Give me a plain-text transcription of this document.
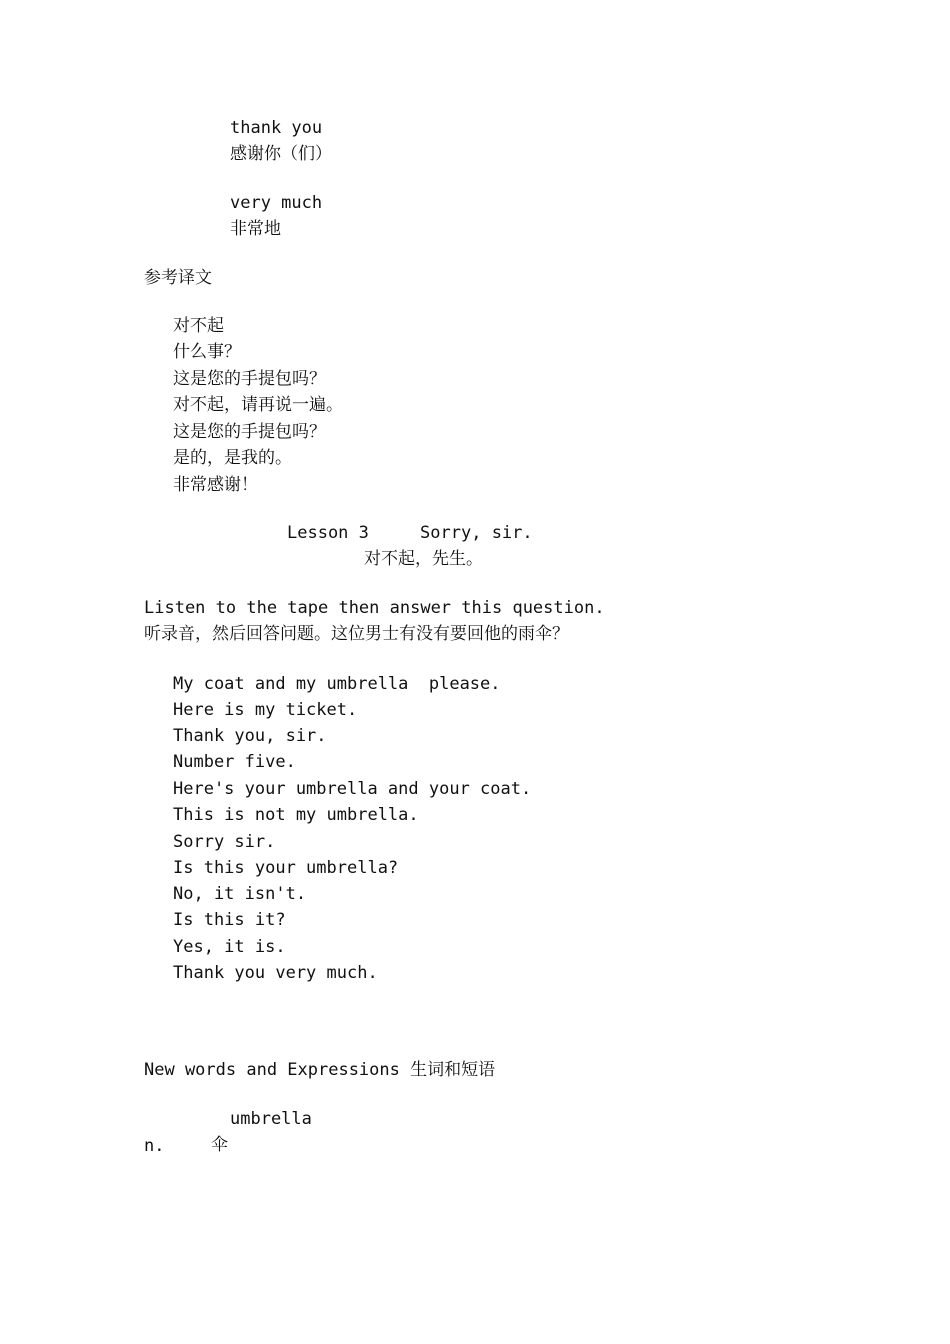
thank you
感谢你（们）
very much
非常地
参考译文
对不起
什么事？
这是您的手提包吗？
对不起，请再说一遍。
这是您的手提包吗？
是的，是我的。
非常感谢！
Lesson 3     Sorry, sir.
对不起，先生。
Listen to the tape then answer this question.
听录音，然后回答问题。这位男士有没有要回他的雨伞？
My coat and my umbrella  please.
Here is my ticket.
Thank you, sir.
Number five.
Here's your umbrella and your coat.
This is not my umbrella.
Sorry sir.
Is this your umbrella?
No, it isn't.
Is this it?
Yes, it is.
Thank you very much.
New words and Expressions 生词和短语
umbrella
n.	伞
